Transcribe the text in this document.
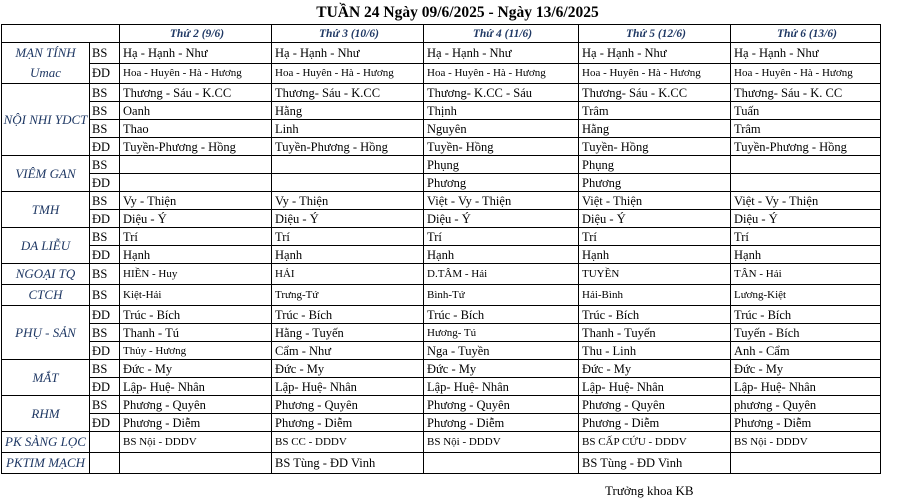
TUẦN 24 Ngày 09/6/2025 - Ngày 13/6/2025
		Thứ 2 (9/6)	Thứ 3 (10/6)	Thứ 4 (11/6)	Thứ 5 (12/6)	Thứ 6 (13/6)
MẠN TÍNH Umac	BS	Hạ - Hạnh - Như	Hạ - Hạnh - Như	Hạ - Hạnh - Như	Hạ - Hạnh - Như	Hạ - Hạnh - Như
	ĐD	Hoa - Huyên - Hà - Hương	Hoa - Huyên - Hà - Hương	Hoa - Huyên - Hà - Hương	Hoa - Huyên - Hà - Hương	Hoa - Huyên - Hà - Hương
NỘI NHI YDCT	BS	Thương - Sáu - K.CC	Thương- Sáu - K.CC	Thương- K.CC - Sáu	Thương- Sáu - K.CC	Thương- Sáu - K. CC
	BS	Oanh	Hằng	Thịnh	Trâm	Tuấn
	BS	Thao	Linh	Nguyên	Hằng	Trâm
	ĐD	Tuyền-Phương - Hồng	Tuyền-Phương - Hồng	Tuyền- Hồng	Tuyền- Hồng	Tuyền-Phương - Hồng
VIÊM GAN	BS			Phụng	Phụng	
	ĐD			Phương	Phương	
TMH	BS	Vy - Thiện	Vy - Thiện	Việt - Vy - Thiện	Việt - Thiện	Việt - Vy - Thiện
	ĐD	Diệu - Ý	Diệu - Ý	Diệu - Ý	Diệu - Ý	Diệu - Ý
DA LIỄU	BS	Trí	Trí	Trí	Trí	Trí
	ĐD	Hạnh	Hạnh	Hạnh	Hạnh	Hạnh
NGOẠI TQ	BS	HIỀN - Huy	HẢI	D.TÂM - Hải	TUYỀN	TÂN - Hải
CTCH	BS	Kiệt-Hải	Trưng-Tứ	Bình-Tứ	Hải-Bình	Lương-Kiệt
PHỤ - SẢN	ĐD	Trúc - Bích	Trúc - Bích	Trúc - Bích	Trúc - Bích	Trúc - Bích
	BS	Thanh - Tú	Hằng - Tuyến	Hương- Tú	Thanh - Tuyến	Tuyến - Bích
	ĐD	Thủy - Hương	Cẩm - Như	Nga - Tuyền	Thu - Linh	Anh - Cẩm
MẮT	BS	Đức - My	Đức - My	Đức - My	Đức - My	Đức - My
	ĐD	Lập- Huệ- Nhân	Lập- Huệ- Nhân	Lập- Huệ- Nhân	Lập- Huệ- Nhân	Lập- Huệ- Nhân
RHM	BS	Phương - Quyên	Phương - Quyên	Phương - Quyên	Phương - Quyên	phương - Quyên
	ĐD	Phương - Diễm	Phương - Diễm	Phương - Diễm	Phương - Diễm	Phương - Diễm
PK SÀNG LỌC		BS Nội - DDDV	BS CC - DDDV	BS Nội - DDDV	BS CẤP CỨU - DDDV	BS Nội - DDDV
PKTIM MẠCH			BS Tùng - ĐD Vinh		BS Tùng - ĐD Vinh	
Trưởng khoa KB
